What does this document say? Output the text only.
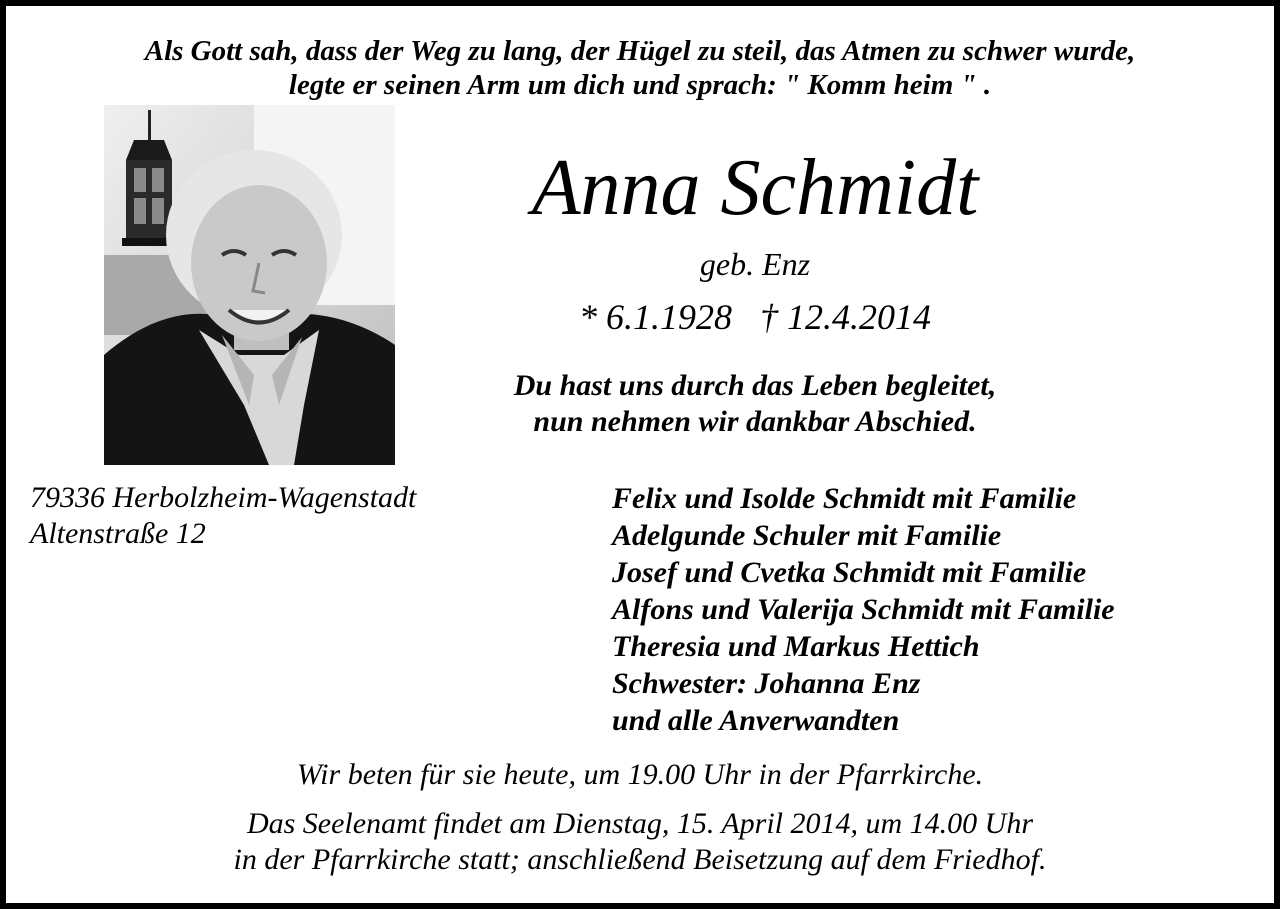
Als Gott sah, dass der Weg zu lang, der Hügel zu steil, das Atmen zu schwer wurde,
legte er seinen Arm um dich und sprach: " Komm heim " .
Anna Schmidt
geb. Enz
* 6.1.1928 † 12.4.2014
Du hast uns durch das Leben begleitet,
nun nehmen wir dankbar Abschied.
79336 Herbolzheim-Wagenstadt
Altenstraße 12
Felix und Isolde Schmidt mit Familie
Adelgunde Schuler mit Familie
Josef und Cvetka Schmidt mit Familie
Alfons und Valerija Schmidt mit Familie
Theresia und Markus Hettich
Schwester: Johanna Enz
und alle Anverwandten
Wir beten für sie heute, um 19.00 Uhr in der Pfarrkirche.
Das Seelenamt findet am Dienstag, 15. April 2014, um 14.00 Uhr
in der Pfarrkirche statt; anschließend Beisetzung auf dem Friedhof.
